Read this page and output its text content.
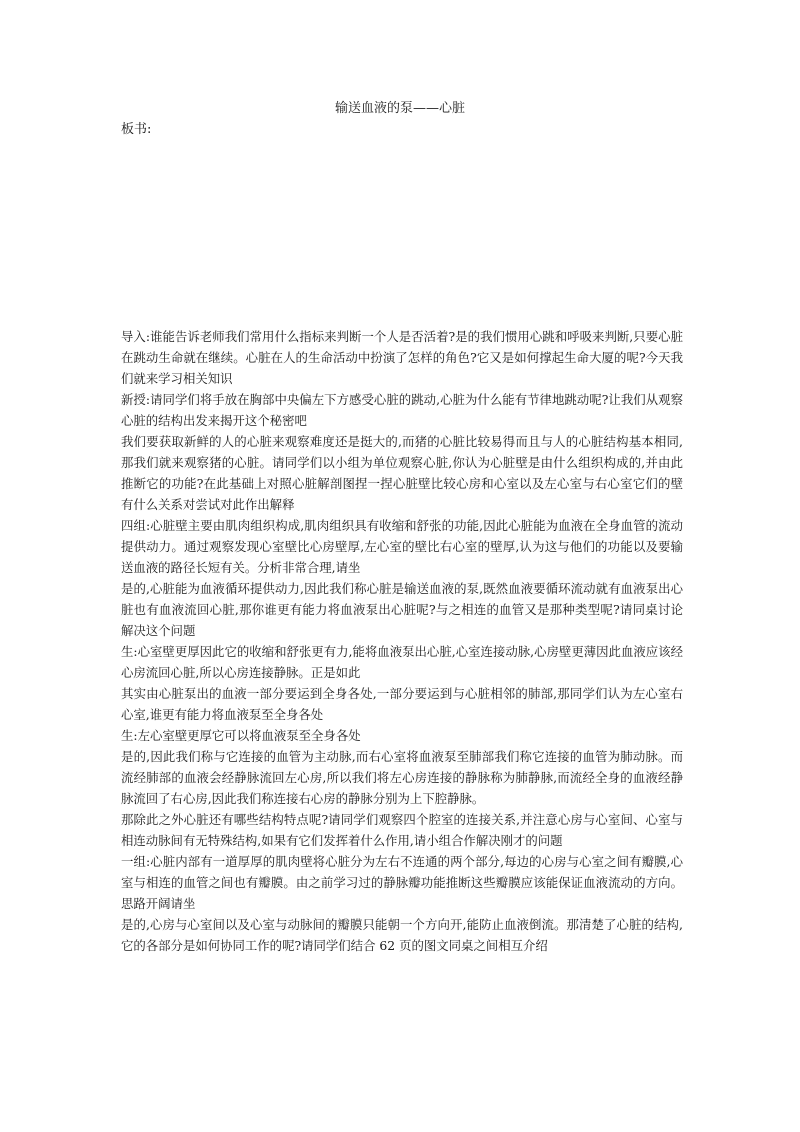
输送血液的泵——心脏
板书:

导入:谁能告诉老师我们常用什么指标来判断一个人是否活着?是的我们惯用心跳和呼吸来判断,只要心脏在跳动生命就在继续。心脏在人的生命活动中扮演了怎样的角色?它又是如何撑起生命大厦的呢?今天我们就来学习相关知识

新授:请同学们将手放在胸部中央偏左下方感受心脏的跳动,心脏为什么能有节律地跳动呢?让我们从观察心脏的结构出发来揭开这个秘密吧

我们要获取新鲜的人的心脏来观察难度还是挺大的,而猪的心脏比较易得而且与人的心脏结构基本相同,那我们就来观察猪的心脏。请同学们以小组为单位观察心脏,你认为心脏壁是由什么组织构成的,并由此推断它的功能?在此基础上对照心脏解剖图捏一捏心脏壁比较心房和心室以及左心室与右心室它们的壁有什么关系对尝试对此作出解释

四组:心脏壁主要由肌肉组织构成,肌肉组织具有收缩和舒张的功能,因此心脏能为血液在全身血管的流动提供动力。通过观察发现心室壁比心房壁厚,左心室的壁比右心室的壁厚,认为这与他们的功能以及要输送血液的路径长短有关。分析非常合理,请坐

是的,心脏能为血液循环提供动力,因此我们称心脏是输送血液的泵,既然血液要循环流动就有血液泵出心脏也有血液流回心脏,那你谁更有能力将血液泵出心脏呢?与之相连的血管又是那种类型呢?请同桌讨论解决这个问题

生:心室壁更厚因此它的收缩和舒张更有力,能将血液泵出心脏,心室连接动脉,心房壁更薄因此血液应该经心房流回心脏,所以心房连接静脉。正是如此

其实由心脏泵出的血液一部分要运到全身各处,一部分要运到与心脏相邻的肺部,那同学们认为左心室右心室,谁更有能力将血液泵至全身各处

生:左心室壁更厚它可以将血液泵至全身各处

是的,因此我们称与它连接的血管为主动脉,而右心室将血液泵至肺部我们称它连接的血管为肺动脉。而流经肺部的血液会经静脉流回左心房,所以我们将左心房连接的静脉称为肺静脉,而流经全身的血液经静脉流回了右心房,因此我们称连接右心房的静脉分别为上下腔静脉。

那除此之外心脏还有哪些结构特点呢?请同学们观察四个腔室的连接关系,并注意心房与心室间、心室与相连动脉间有无特殊结构,如果有它们发挥着什么作用,请小组合作解决刚才的问题

一组:心脏内部有一道厚厚的肌肉壁将心脏分为左右不连通的两个部分,每边的心房与心室之间有瓣膜,心室与相连的血管之间也有瓣膜。由之前学习过的静脉瓣功能推断这些瓣膜应该能保证血液流动的方向。思路开阔请坐

是的,心房与心室间以及心室与动脉间的瓣膜只能朝一个方向开,能防止血液倒流。那清楚了心脏的结构,它的各部分是如何协同工作的呢?请同学们结合 62 页的图文同桌之间相互介绍
